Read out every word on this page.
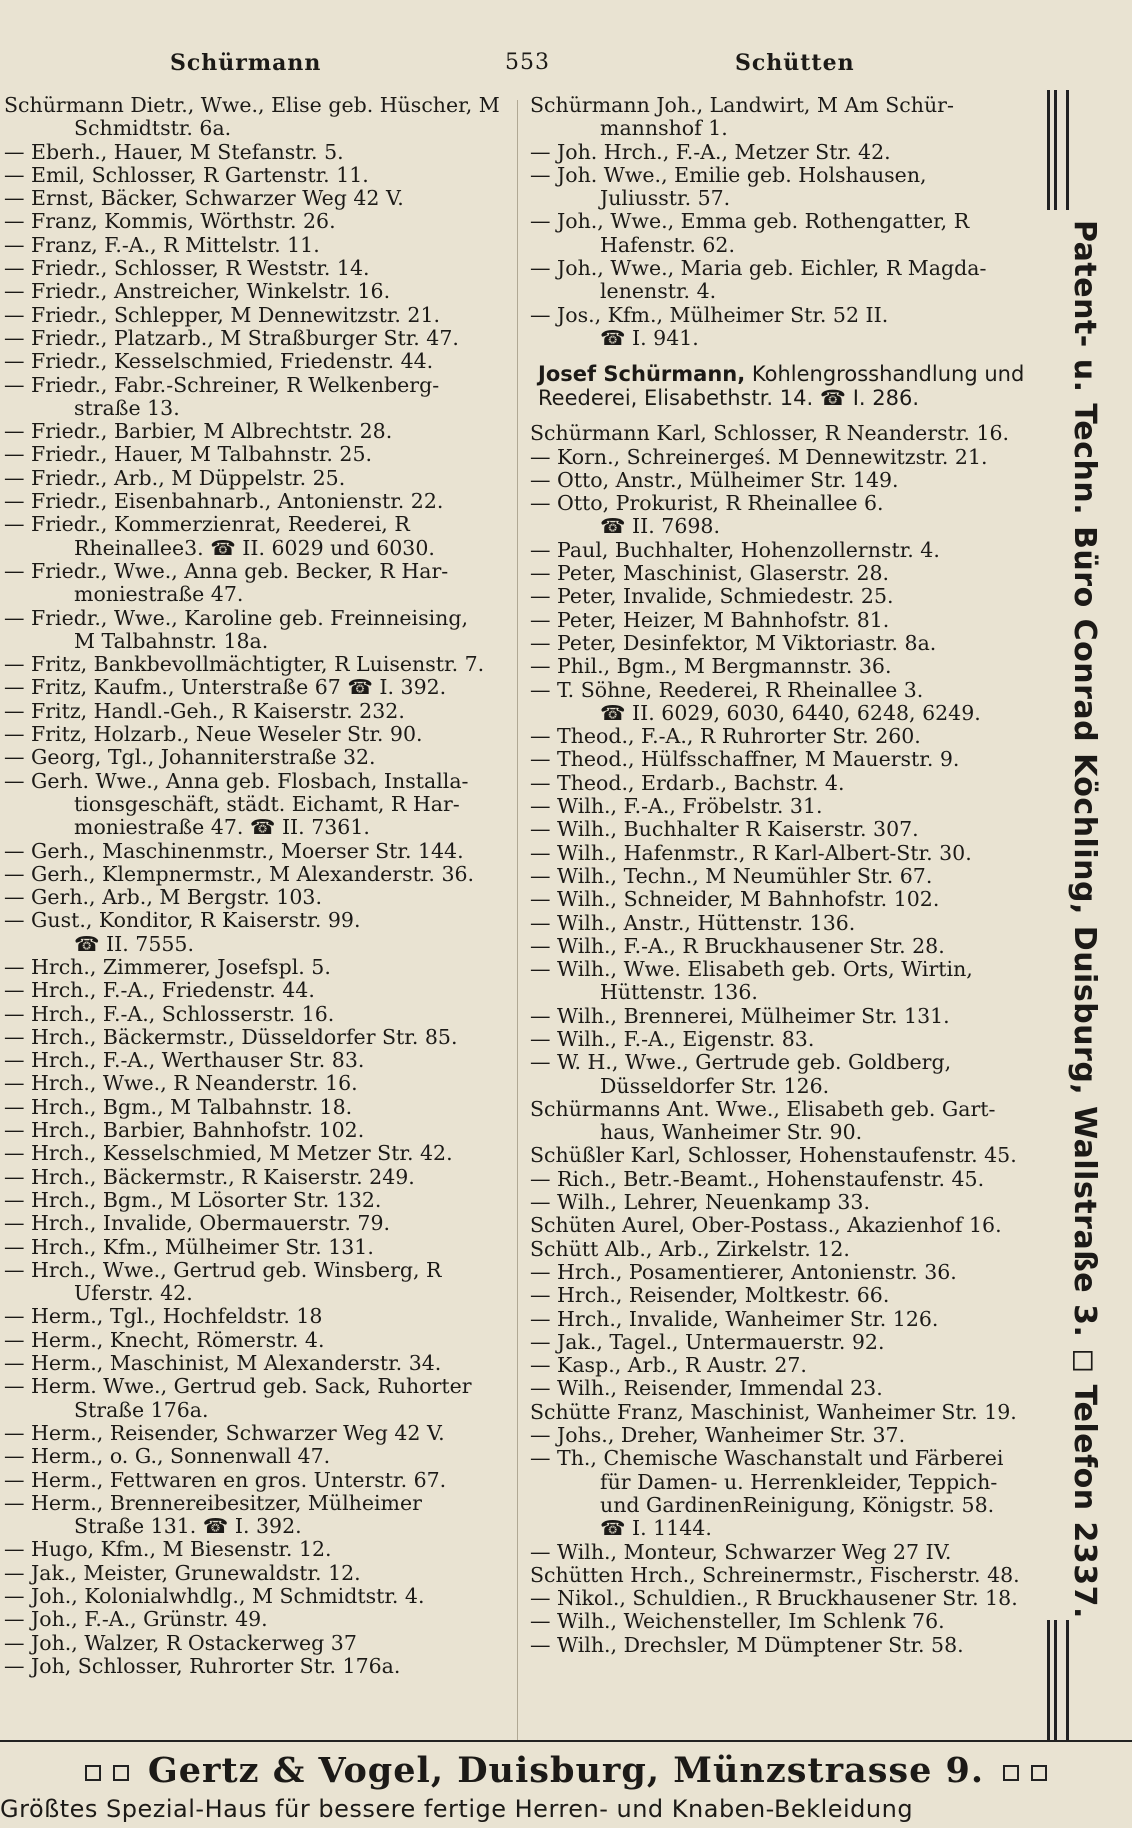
Schürmann	553	Schütten
Schürmann Dietr., Wwe., Elise geb. Hüscher, M
Schmidtstr. 6a.
— Eberh., Hauer, M Stefanstr. 5.
— Emil, Schlosser, R Gartenstr. 11.
— Ernst, Bäcker, Schwarzer Weg 42 V.
— Franz, Kommis, Wörthstr. 26.
— Franz, F.-A., R Mittelstr. 11.
— Friedr., Schlosser, R Weststr. 14.
— Friedr., Anstreicher, Winkelstr. 16.
— Friedr., Schlepper, M Dennewitzstr. 21.
— Friedr., Platzarb., M Straßburger Str. 47.
— Friedr., Kesselschmied, Friedenstr. 44.
— Friedr., Fabr.-Schreiner, R Welkenberg-
straße 13.
— Friedr., Barbier, M Albrechtstr. 28.
— Friedr., Hauer, M Talbahnstr. 25.
— Friedr., Arb., M Düppelstr. 25.
— Friedr., Eisenbahnarb., Antonienstr. 22.
— Friedr., Kommerzienrat, Reederei, R
Rheinallee3. ☎ II. 6029 und 6030.
— Friedr., Wwe., Anna geb. Becker, R Har-
moniestraße 47.
— Friedr., Wwe., Karoline geb. Freinneising,
M Talbahnstr. 18a.
— Fritz, Bankbevollmächtigter, R Luisenstr. 7.
— Fritz, Kaufm., Unterstraße 67 ☎ I. 392.
— Fritz, Handl.-Geh., R Kaiserstr. 232.
— Fritz, Holzarb., Neue Weseler Str. 90.
— Georg, Tgl., Johanniterstraße 32.
— Gerh. Wwe., Anna geb. Flosbach, Installa-
tionsgeschäft, städt. Eichamt, R Har-
moniestraße 47. ☎ II. 7361.
— Gerh., Maschinenmstr., Moerser Str. 144.
— Gerh., Klempnermstr., M Alexanderstr. 36.
— Gerh., Arb., M Bergstr. 103.
— Gust., Konditor, R Kaiserstr. 99.
☎ II. 7555.
— Hrch., Zimmerer, Josefspl. 5.
— Hrch., F.-A., Friedenstr. 44.
— Hrch., F.-A., Schlosserstr. 16.
— Hrch., Bäckermstr., Düsseldorfer Str. 85.
— Hrch., F.-A., Werthauser Str. 83.
— Hrch., Wwe., R Neanderstr. 16.
— Hrch., Bgm., M Talbahnstr. 18.
— Hrch., Barbier, Bahnhofstr. 102.
— Hrch., Kesselschmied, M Metzer Str. 42.
— Hrch., Bäckermstr., R Kaiserstr. 249.
— Hrch., Bgm., M Lösorter Str. 132.
— Hrch., Invalide, Obermauerstr. 79.
— Hrch., Kfm., Mülheimer Str. 131.
— Hrch., Wwe., Gertrud geb. Winsberg, R
Uferstr. 42.
— Herm., Tgl., Hochfeldstr. 18
— Herm., Knecht, Römerstr. 4.
— Herm., Maschinist, M Alexanderstr. 34.
— Herm. Wwe., Gertrud geb. Sack, Ruhorter
Straße 176a.
— Herm., Reisender, Schwarzer Weg 42 V.
— Herm., o. G., Sonnenwall 47.
— Herm., Fettwaren en gros. Unterstr. 67.
— Herm., Brennereibesitzer, Mülheimer
Straße 131. ☎ I. 392.
— Hugo, Kfm., M Biesenstr. 12.
— Jak., Meister, Grunewaldstr. 12.
— Joh., Kolonialwhdlg., M Schmidtstr. 4.
— Joh., F.-A., Grünstr. 49.
— Joh., Walzer, R Ostackerweg 37
— Joh, Schlosser, Ruhrorter Str. 176a.
Schürmann Joh., Landwirt, M Am Schür-
mannshof 1.
— Joh. Hrch., F.-A., Metzer Str. 42.
— Joh. Wwe., Emilie geb. Holshausen,
Juliusstr. 57.
— Joh., Wwe., Emma geb. Rothengatter, R
Hafenstr. 62.
— Joh., Wwe., Maria geb. Eichler, R Magda-
lenenstr. 4.
— Jos., Kfm., Mülheimer Str. 52 II.
☎ I. 941.
Josef Schürmann, Kohlengrosshandlung und Reederei, Elisabethstr. 14. ☎ I. 286.
Schürmann Karl, Schlosser, R Neanderstr. 16.
— Korn., Schreinergeś. M Dennewitzstr. 21.
— Otto, Anstr., Mülheimer Str. 149.
— Otto, Prokurist, R Rheinallee 6.
☎ II. 7698.
— Paul, Buchhalter, Hohenzollernstr. 4.
— Peter, Maschinist, Glaserstr. 28.
— Peter, Invalide, Schmiedestr. 25.
— Peter, Heizer, M Bahnhofstr. 81.
— Peter, Desinfektor, M Viktoriastr. 8a.
— Phil., Bgm., M Bergmannstr. 36.
— T. Söhne, Reederei, R Rheinallee 3.
☎ II. 6029, 6030, 6440, 6248, 6249.
— Theod., F.-A., R Ruhrorter Str. 260.
— Theod., Hülfsschaffner, M Mauerstr. 9.
— Theod., Erdarb., Bachstr. 4.
— Wilh., F.-A., Fröbelstr. 31.
— Wilh., Buchhalter R Kaiserstr. 307.
— Wilh., Hafenmstr., R Karl-Albert-Str. 30.
— Wilh., Techn., M Neumühler Str. 67.
— Wilh., Schneider, M Bahnhofstr. 102.
— Wilh., Anstr., Hüttenstr. 136.
— Wilh., F.-A., R Bruckhausener Str. 28.
— Wilh., Wwe. Elisabeth geb. Orts, Wirtin,
Hüttenstr. 136.
— Wilh., Brennerei, Mülheimer Str. 131.
— Wilh., F.-A., Eigenstr. 83.
— W. H., Wwe., Gertrude geb. Goldberg,
Düsseldorfer Str. 126.
Schürmanns Ant. Wwe., Elisabeth geb. Gart-
haus, Wanheimer Str. 90.
Schüßler Karl, Schlosser, Hohenstaufenstr. 45.
— Rich., Betr.-Beamt., Hohenstaufenstr. 45.
— Wilh., Lehrer, Neuenkamp 33.
Schüten Aurel, Ober-Postass., Akazienhof 16.
Schütt Alb., Arb., Zirkelstr. 12.
— Hrch., Posamentierer, Antonienstr. 36.
— Hrch., Reisender, Moltkestr. 66.
— Hrch., Invalide, Wanheimer Str. 126.
— Jak., Tagel., Untermauerstr. 92.
— Kasp., Arb., R Austr. 27.
— Wilh., Reisender, Immendal 23.
Schütte Franz, Maschinist, Wanheimer Str. 19.
— Johs., Dreher, Wanheimer Str. 37.
— Th., Chemische Waschanstalt und Färberei
für Damen- u. Herrenkleider, Teppich-
und GardinenReinigung, Königstr. 58.
☎ I. 1144.
— Wilh., Monteur, Schwarzer Weg 27 IV.
Schütten Hrch., Schreinermstr., Fischerstr. 48.
— Nikol., Schuldien., R Bruckhausener Str. 18.
— Wilh., Weichensteller, Im Schlenk 76.
— Wilh., Drechsler, M Dümptener Str. 58.
Patent- u. Techn. Büro Conrad Köchling, Duisburg, Wallstraße 3. ◻ Telefon 2337.
Gertz & Vogel, Duisburg, Münzstrasse 9.
Größtes Spezial-Haus für bessere fertige Herren- und Knaben-Bekleidung
